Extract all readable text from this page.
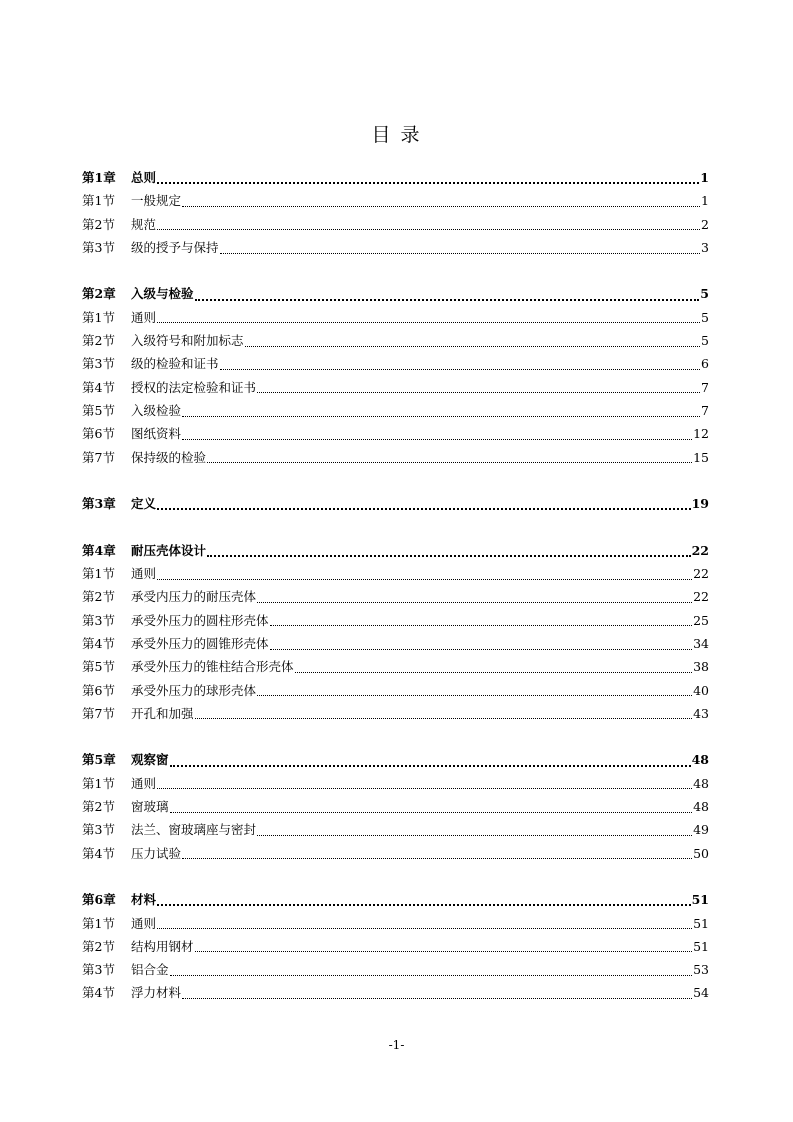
目 录
第1章	总则	1
第1节	一般规定	1
第2节	规范	2
第3节	级的授予与保持	3
第2章	入级与检验	5
第1节	通则	5
第2节	入级符号和附加标志	5
第3节	级的检验和证书	6
第4节	授权的法定检验和证书	7
第5节	入级检验	7
第6节	图纸资料	12
第7节	保持级的检验	15
第3章	定义	19
第4章	耐压壳体设计	22
第1节	通则	22
第2节	承受内压力的耐压壳体	22
第3节	承受外压力的圆柱形壳体	25
第4节	承受外压力的圆锥形壳体	34
第5节	承受外压力的锥柱结合形壳体	38
第6节	承受外压力的球形壳体	40
第7节	开孔和加强	43
第5章	观察窗	48
第1节	通则	48
第2节	窗玻璃	48
第3节	法兰、窗玻璃座与密封	49
第4节	压力试验	50
第6章	材料	51
第1节	通则	51
第2节	结构用钢材	51
第3节	铝合金	53
第4节	浮力材料	54
-1-
